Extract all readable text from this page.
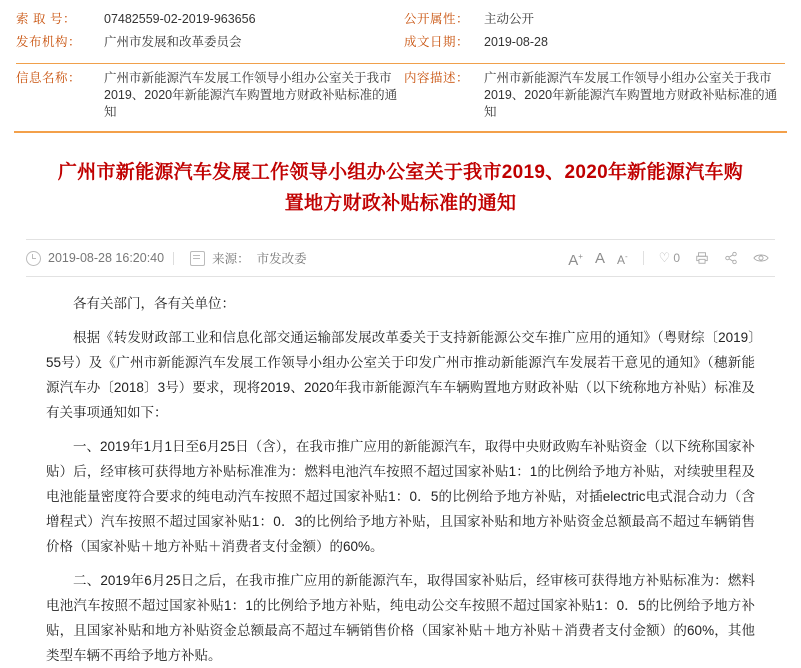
索 取 号：	07482559-02-2019-963656	公开属性：	主动公开
发布机构：	广州市发展和改革委员会	成文日期：	2019-08-28

信息名称：	广州市新能源汽车发展工作领导小组办公室关于我市2019、2020年新能源汽车购置地方财政补贴标准的通知	内容描述：	广州市新能源汽车发展工作领导小组办公室关于我市2019、2020年新能源汽车购置地方财政补贴标准的通知
广州市新能源汽车发展工作领导小组办公室关于我市2019、2020年新能源汽车购置地方财政补贴标准的通知
2019-08-28 16:20:40	来源： 市发改委	A+ A A- ♡ 0

各有关部门，各有关单位：

根据《转发财政部工业和信息化部交通运输部发展改革委关于支持新能源公交车推广应用的通知》（粤财综〔2019〕55号）及《广州市新能源汽车发展工作领导小组办公室关于印发广州市推动新能源汽车发展若干意见的通知》（穗新能源汽车办〔2018〕3号）要求，现将2019、2020年我市新能源汽车车辆购置地方财政补贴（以下统称地方补贴）标准及有关事项通知如下：

一、2019年1月1日至6月25日（含），在我市推广应用的新能源汽车，取得中央财政购车补贴资金（以下统称国家补贴）后，经审核可获得地方补贴标准准为：燃料电池汽车按照不超过国家补贴1：1的比例给予地方补贴，对续驶里程及电池能量密度符合要求的纯电动汽车按照不超过国家补贴1：0．5的比例给予地方补贴，对插electric电式混合动力（含增程式）汽车按照不超过国家补贴1：0．3的比例给予地方补贴，且国家补贴和地方补贴资金总额最高不超过车辆销售价格（国家补贴＋地方补贴＋消费者支付金额）的60%。

二、2019年6月25日之后，在我市推广应用的新能源汽车，取得国家补贴后，经审核可获得地方补贴标准为：燃料电池汽车按照不超过国家补贴1：1的比例给予地方补贴，纯电动公交车按照不超过国家补贴1：0．5的比例给予地方补贴，且国家补贴和地方补贴资金总额最高不超过车辆销售价格（国家补贴＋地方补贴＋消费者支付金额）的60%，其他类型车辆不再给予地方补贴。
